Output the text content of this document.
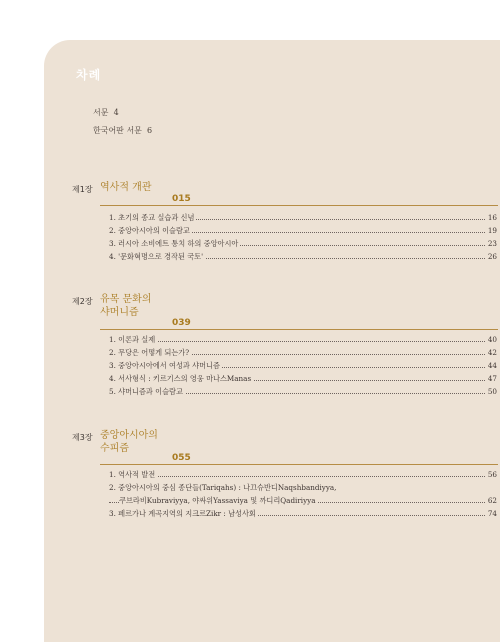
차례
서문 4
한국어판 서문 6
제1장 역사적 개관
015
1. 초기의 종교 실습과 신념	16
2. 중앙아시아의 이슬람교	19
3. 러시아 소비에트 통치 하의 중앙아시아	23
4. '문화혁명으로 경작된 국토'	26
제2장 유목 문화의
샤머니즘
039
1. 이론과 실제	40
2. 무당은 어떻게 되는가?	42
3. 중앙아시아에서 여성과 샤머니즘	44
4. 서사형식 : 키르기스의 영웅 마나스Manas	47
5. 샤머니즘과 이슬람교	50
제3장 중앙아시아의
수피즘
055
1. 역사적 발전	56
2. 중앙아시아의 중심 종단들(Tariqahs) : 나끄슈반디Naqshbandiyya,
쿠브라비Kubraviyya, 야싸위Yassaviya 및 까디리Qadiriyya	62
3. 페르가나 계곡지역의 지크르Zikr : 남성사회	74
